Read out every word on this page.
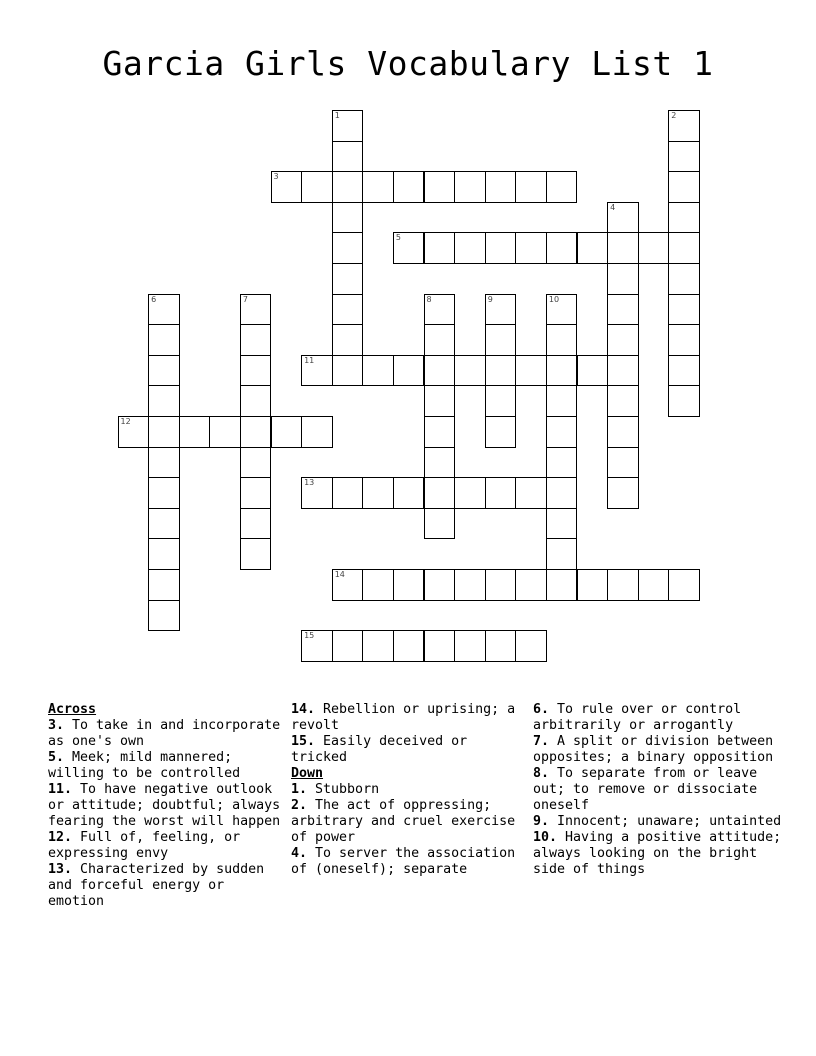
Garcia Girls Vocabulary List 1
1	2
3
4
5
6	7	8	9	10
11
12
13
14
15
Across

3. To take in and incorporate as one's own

5. Meek; mild mannered; willing to be controlled

11. To have negative outlook or attitude; doubtful; always fearing the worst will happen

12. Full of, feeling, or expressing envy

13. Characterized by sudden and forceful energy or emotion

14. Rebellion or uprising; a revolt

15. Easily deceived or tricked

Down

1. Stubborn

2. The act of oppressing; arbitrary and cruel exercise of power

4. To server the association of (oneself); separate

6. To rule over or control arbitrarily or arrogantly

7. A split or division between opposites; a binary opposition

8. To separate from or leave out; to remove or dissociate oneself

9. Innocent; unaware; untainted

10. Having a positive attitude; always looking on the bright side of things
